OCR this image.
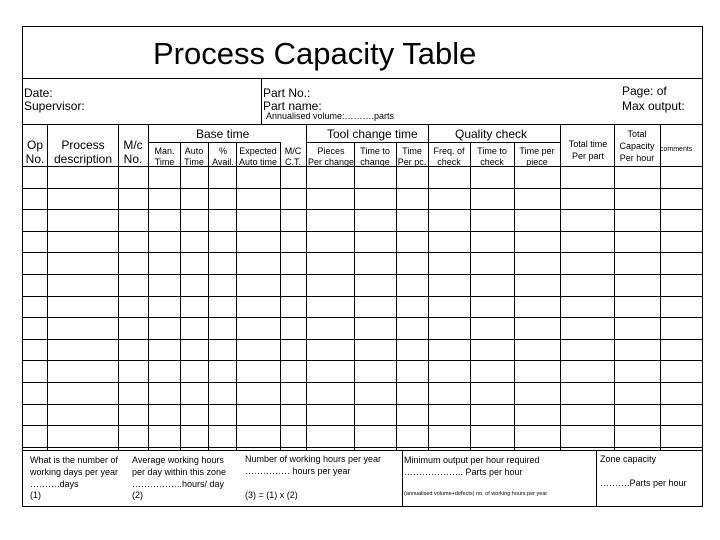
Process Capacity Table
Date:
Supervisor:
Part No.:
Part name:
Annualised volume:……….parts
Page: of
Max output:
Op
No.
Process
description
M/c
No.
Base time	Tool change time	Quality check
Man.
Time
Auto
Time
%
Avail.
Expected
Auto time
M/C
C.T.
Pieces
Per change
Time to
change
Time
Per pc.
Freq. of
check
Time to
check
Time per
piece
Total time
Per part
Total
Capacity
Per hour
comments
What is the number of
working days per year
……….days
(1)
Average working hours
per day within this zone
……………..hours/ day
(2)
Number of working hours per year
…………… hours per year
(3) = (1) x (2)
Minimum output per hour required
……………….. Parts per hour
(annualised volume+defects) no. of working hours per year
Zone capacity
……….Parts per hour
